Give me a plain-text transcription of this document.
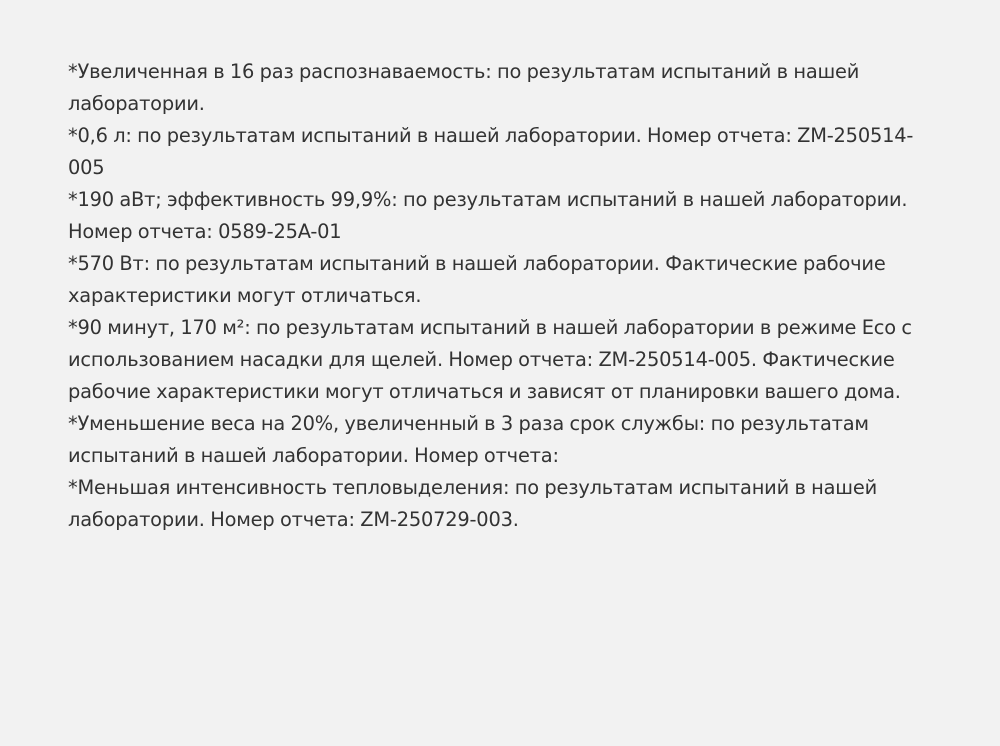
*Увеличенная в 16 раз распознаваемость: по результатам испытаний в нашей лаборатории.
*0,6 л: по результатам испытаний в нашей лаборатории. Номер отчета: ZM-250514-005
*190 аВт; эффективность 99,9%: по результатам испытаний в нашей лаборатории. Номер отчета: 0589-25A-01
*570 Вт: по результатам испытаний в нашей лаборатории. Фактические рабочие характеристики могут отличаться.
*90 минут, 170 м²: по результатам испытаний в нашей лаборатории в режиме Eco с использованием насадки для щелей. Номер отчета: ZM-250514-005. Фактические рабочие характеристики могут отличаться и зависят от планировки вашего дома.
*Уменьшение веса на 20%, увеличенный в 3 раза срок службы: по результатам испытаний в нашей лаборатории. Номер отчета:
*Меньшая интенсивность тепловыделения: по результатам испытаний в нашей лаборатории. Номер отчета: ZM-250729-003.
